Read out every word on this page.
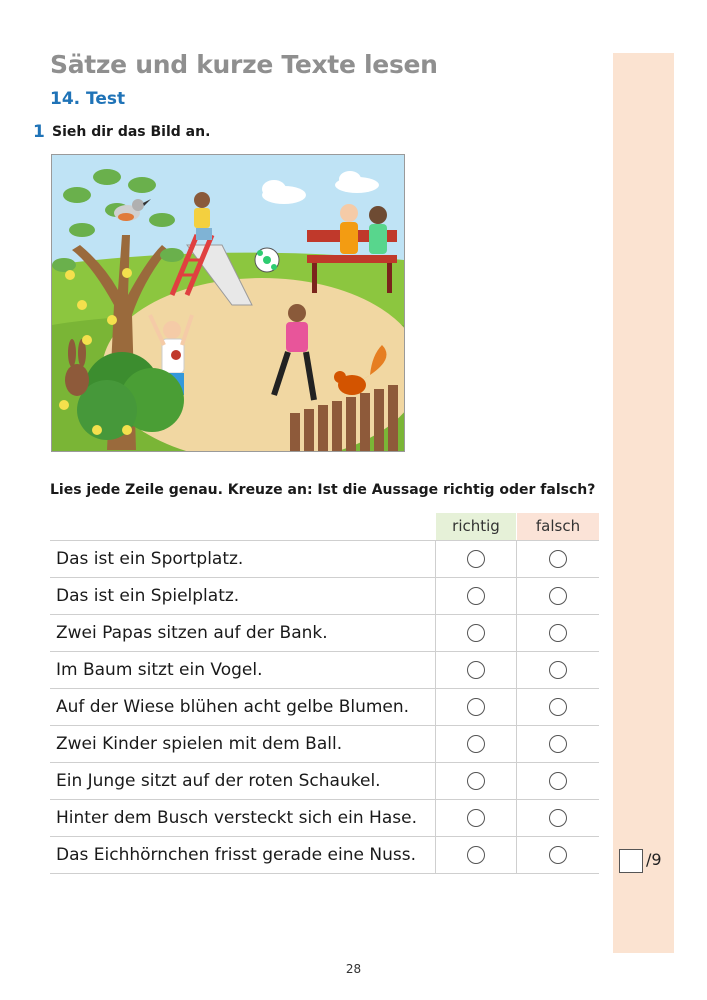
Sätze und kurze Texte lesen
14. Test
1 Sieh dir das Bild an.
Lies jede Zeile genau. Kreuze an: Ist die Aussage richtig oder falsch?
richtig	falsch
Das ist ein Sportplatz.
Das ist ein Spielplatz.
Zwei Papas sitzen auf der Bank.
Im Baum sitzt ein Vogel.
Auf der Wiese blühen acht gelbe Blumen.
Zwei Kinder spielen mit dem Ball.
Ein Junge sitzt auf der roten Schaukel.
Hinter dem Busch versteckt sich ein Hase.
Das Eichhörnchen frisst gerade eine Nuss.	/9
28
